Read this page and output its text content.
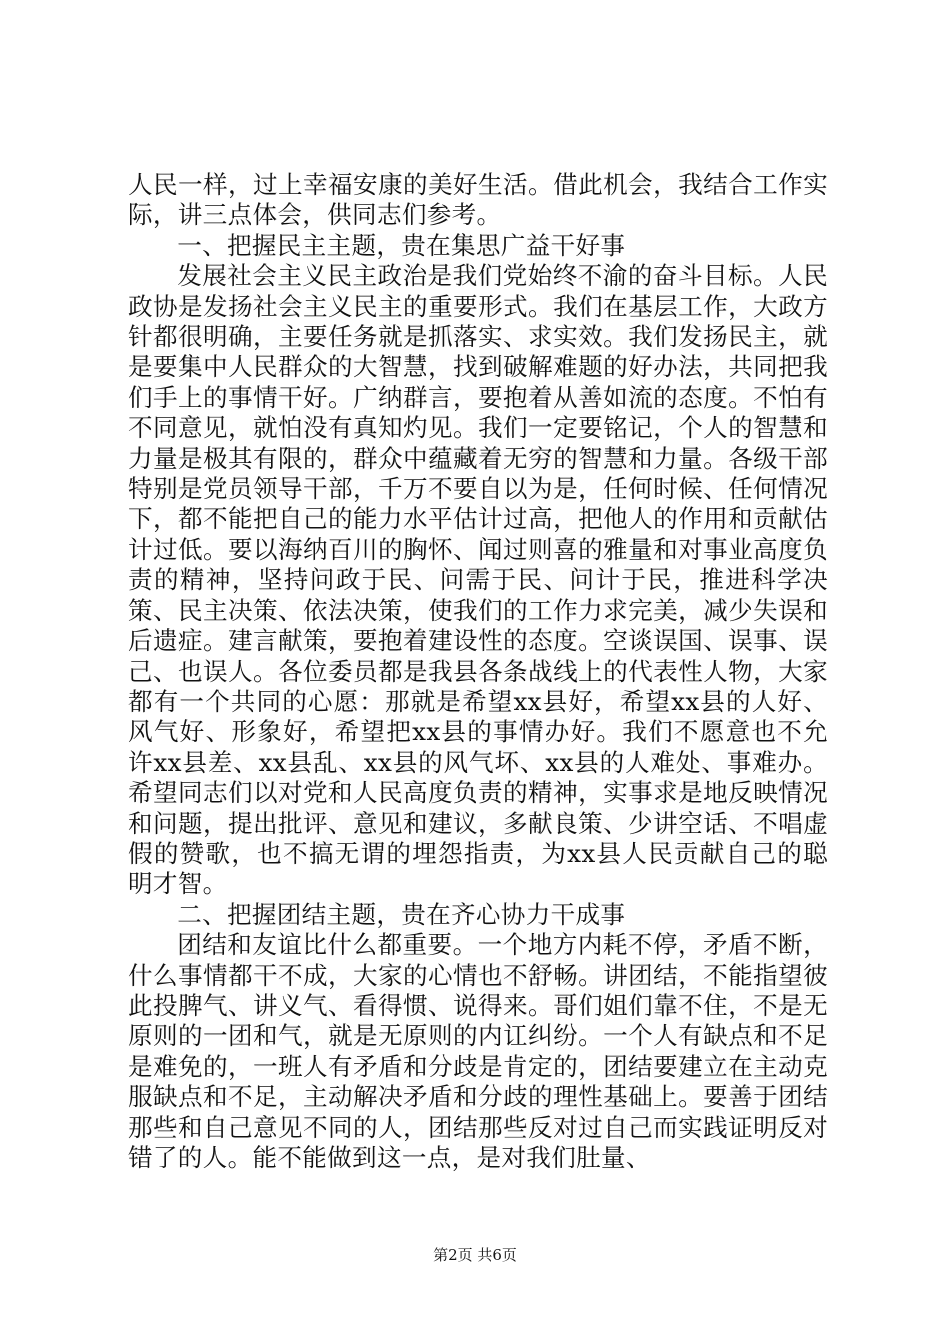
人民一样，过上幸福安康的美好生活。借此机会，我结合工作实际，讲三点体会，供同志们参考。

一、把握民主主题，贵在集思广益干好事

发展社会主义民主政治是我们党始终不渝的奋斗目标。人民政协是发扬社会主义民主的重要形式。我们在基层工作，大政方针都很明确，主要任务就是抓落实、求实效。我们发扬民主，就是要集中人民群众的大智慧，找到破解难题的好办法，共同把我们手上的事情干好。广纳群言，要抱着从善如流的态度。不怕有不同意见，就怕没有真知灼见。我们一定要铭记，个人的智慧和力量是极其有限的，群众中蕴藏着无穷的智慧和力量。各级干部特别是党员领导干部，千万不要自以为是，任何时候、任何情况下，都不能把自己的能力水平估计过高，把他人的作用和贡献估计过低。要以海纳百川的胸怀、闻过则喜的雅量和对事业高度负责的精神，坚持问政于民、问需于民、问计于民，推进科学决策、民主决策、依法决策，使我们的工作力求完美，减少失误和后遗症。建言献策，要抱着建设性的态度。空谈误国、误事、误己、也误人。各位委员都是我县各条战线上的代表性人物，大家都有一个共同的心愿：那就是希望xx县好，希望xx县的人好、风气好、形象好，希望把xx县的事情办好。我们不愿意也不允许xx县差、xx县乱、xx县的风气坏、xx县的人难处、事难办。希望同志们以对党和人民高度负责的精神，实事求是地反映情况和问题，提出批评、意见和建议，多献良策、少讲空话、不唱虚假的赞歌，也不搞无谓的埋怨指责，为xx县人民贡献自己的聪明才智。

二、把握团结主题，贵在齐心协力干成事

团结和友谊比什么都重要。一个地方内耗不停，矛盾不断，什么事情都干不成，大家的心情也不舒畅。讲团结，不能指望彼此投脾气、讲义气、看得惯、说得来。哥们姐们靠不住，不是无原则的一团和气，就是无原则的内讧纠纷。一个人有缺点和不足是难免的，一班人有矛盾和分歧是肯定的，团结要建立在主动克服缺点和不足，主动解决矛盾和分歧的理性基础上。要善于团结那些和自己意见不同的人，团结那些反对过自己而实践证明反对错了的人。能不能做到这一点，是对我们肚量、

第2页 共6页
